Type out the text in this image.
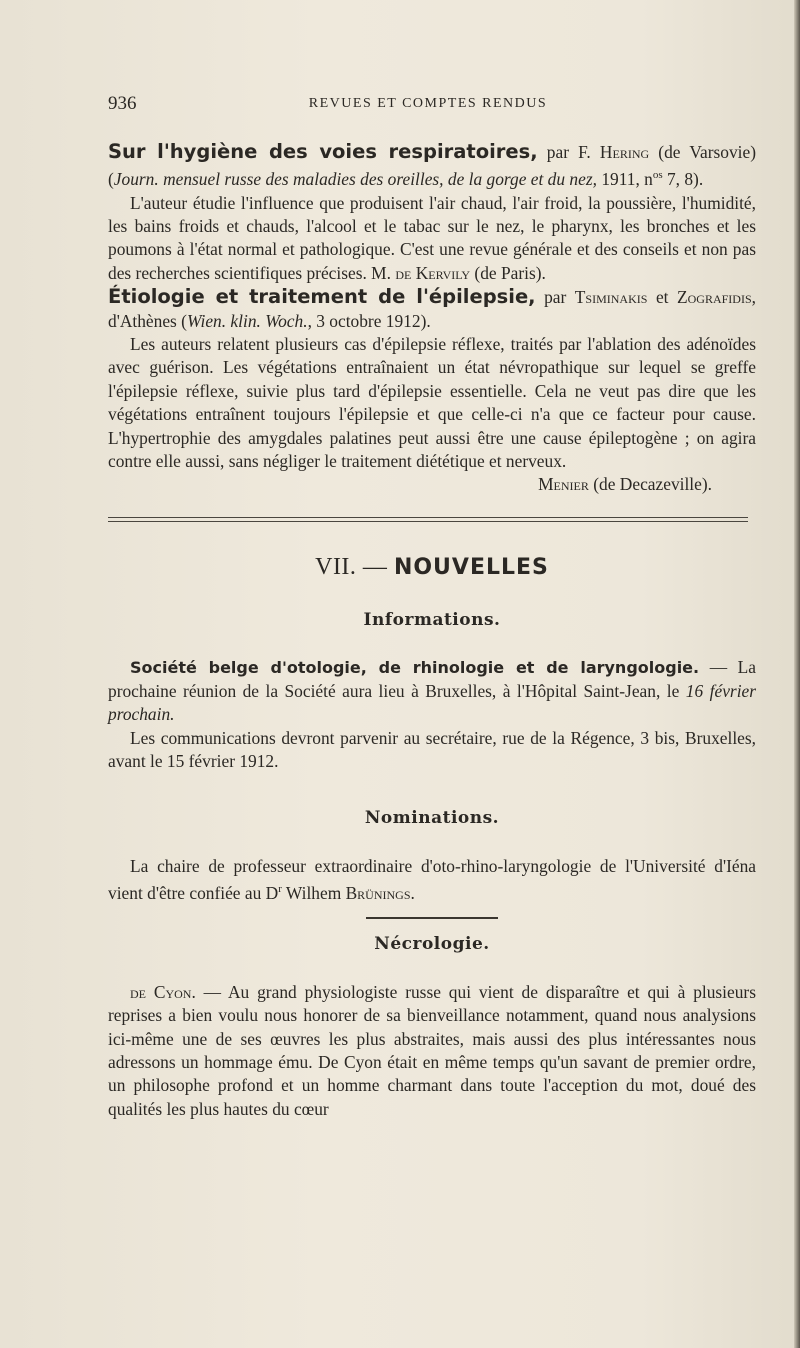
936	REVUES ET COMPTES RENDUS

Sur l'hygiène des voies respiratoires, par F. Hering (de Varsovie) (Journ. mensuel russe des maladies des oreilles, de la gorge et du nez, 1911, $n^{os}$ 7, 8).

L'auteur étudie l'influence que produisent l'air chaud, l'air froid, la poussière, l'humidité, les bains froids et chauds, l'alcool et le tabac sur le nez, le pharynx, les bronches et les poumons à l'état normal et pathologique. C'est une revue générale et des conseils et non pas des recherches scientifiques précises. M. de Kervily (de Paris).

Étiologie et traitement de l'épilepsie, par Tsiminakis et Zografidis, d'Athènes (Wien. klin. Woch., 3 octobre 1912).

Les auteurs relatent plusieurs cas d'épilepsie réflexe, traités par l'ablation des adénoïdes avec guérison. Les végétations entraînaient un état névropathique sur lequel se greffe l'épilepsie réflexe, suivie plus tard d'épilepsie essentielle. Cela ne veut pas dire que les végétations entraînent toujours l'épilepsie et que celle-ci n'a que ce facteur pour cause. L'hypertrophie des amygdales palatines peut aussi être une cause épileptogène ; on agira contre elle aussi, sans négliger le traitement diététique et nerveux.

Menier (de Decazeville).

VII. — NOUVELLES
Informations.

Société belge d'otologie, de rhinologie et de laryngologie. — La prochaine réunion de la Société aura lieu à Bruxelles, à l'Hôpital Saint-Jean, le 16 février prochain.

Les communications devront parvenir au secrétaire, rue de la Régence, 3 bis, Bruxelles, avant le 15 février 1912.

Nominations.

La chaire de professeur extraordinaire d'oto-rhino-laryngologie de l'Université d'Iéna vient d'être confiée au $D^r$ Wilhem Brünings.

Nécrologie.

de Cyon. — Au grand physiologiste russe qui vient de disparaître et qui à plusieurs reprises a bien voulu nous honorer de sa bienveillance notamment, quand nous analysions ici-même une de ses œuvres les plus abstraites, mais aussi des plus intéressantes nous adressons un hommage ému. De Cyon était en même temps qu'un savant de premier ordre, un philosophe profond et un homme charmant dans toute l'acception du mot, doué des qualités les plus hautes du cœur
